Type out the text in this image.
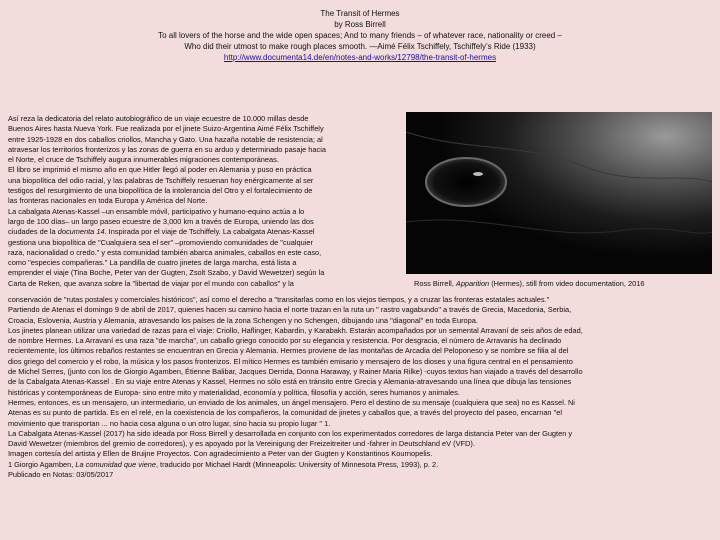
The Transit of Hermes
by Ross Birrell
To all lovers of the horse and the wide open spaces; And to many friends – of whatever race, nationality or creed –
Who did their utmost to make rough places smooth. —Aimé Félix Tschiffely, Tschiffely’s Ride (1933)
http://www.documenta14.de/en/notes-and-works/12798/the-transit-of-hermes
Así reza la dedicatoria del relato autobiográfico de un viaje ecuestre de 10.000 millas desde
Buenos Aires hasta Nueva York. Fue realizada por el jinete Suizo-Argentina Aimé Félix Tschiffely
entre 1925-1928 en dos caballos criollos, Mancha y Gato. Una hazaña notable de resistencia; al
atravesar los territorios fronterizos y las zonas de guerra en su arduo y determinado pasaje hacia
el Norte, el cruce de Tschiffely augura innumerables migraciones contemporáneas.
El libro se imprimió el mismo año en que Hitler llegó al poder en Alemania y puso en práctica
una biopolítica del odio racial, y las palabras de Tschiffely resuenan hoy enérgicamente al ser
testigos del resurgimiento de una biopolítica de la intolerancia del Otro y el fortalecimiento de
las fronteras nacionales en toda Europa y América del Norte.
La cabalgata Atenas-Kassel –un ensamble móvil, participativo y humano-equino actúa a lo
largo de 100 días– un largo paseo ecuestre de 3,000 km a través de Europa, uniendo las dos
ciudades de la documenta 14. Inspirada por el viaje de Tschiffely. La cabalgata Atenas-Kassel
gestiona una biopolítica de "Cualquiera sea el ser" –promoviendo comunidades de "cualquier
raza, nacionalidad o credo." y esta comunidad también abarca animales, caballos en este caso,
como "especies compañeras." La pandilla de cuatro jinetes de larga marcha, está lista a
emprender el viaje (Tina Boche, Peter van der Gugten, Zsolt Szabo, y David Wewetzer) según la
Carta de Reken, que avanza sobre la "libertad de viajar por el mundo con caballos" y la	Ross Birrell, Apparition (Hermes), still from video documentation, 2016
conservación de "rutas postales y comerciales históricos", así como el derecho a "transitarlas como en los viejos tiempos, y a cruzar las fronteras estatales actuales."
Partiendo de Atenas el domingo 9 de abril de 2017, quienes hacen su camino hacia el norte trazan en la ruta un " rastro vagabundo" a través de Grecia, Macedonia, Serbia,
Croacia, Eslovenia, Austria y Alemania, atravesando los países de la zona Schengen y no Schengen, dibujando una "diagonal" en toda Europa.
Los jinetes planean utilizar una variedad de razas para el viaje: Criollo, Haflinger, Kabardin, y Karabakh. Estarán acompañados por un semental Arravaní de seis años de edad,
de nombre Hermes. La Arravaní es una raza "de marcha", un caballo griego conocido por su elegancia y resistencia. Por desgracia, el número de Arravanis ha declinado
recientemente, los últimos rebaños restantes se encuentran en Grecia y Alemania. Hermes proviene de las montañas de Arcadia del Peloponeso y se nombre se filia al del
dios griego del comercio y el robo, la música y los pasos fronterizos. El mítico Hermes es también emisario y mensajero de los dioses y una figura central en el pensamiento
de Michel Serres, (junto con los de Giorgio Agamben, Étienne Balibar, Jacques Derrida, Donna Haraway, y Rainer Maria Rilke) -cuyos textos han viajado a través del desarrollo
de la Cabalgata Atenas-Kassel . En su viaje entre Atenas y Kassel, Hermes no sólo está en tránsito entre Grecia y Alemania-atravesando una línea que dibuja las tensiones
históricas y contemporáneas de Europa- sino entre mito y materialidad, economía y política, filosofía y acción, seres humanos y animales.
Hermes, entonces, es un mensajero, un intermediario, un enviado de los animales, un ángel mensajero. Pero el destino de su mensaje (cualquiera que sea) no es Kassel. Ni
Atenas es su punto de partida. Es en el relé, en la coexistencia de los compañeros, la comunidad de jinetes y caballos que, a través del proyecto del paseo, encarnan "el
movimiento que transportan ... no hacia cosa alguna o un otro lugar, sino hacia su propio lugar " 1.
La Cabalgata Atenas-Kassel (2017) ha sido ideada por Ross Birrell y desarrollada en conjunto con los experimentados corredores de larga distancia Peter van der Gugten y
David Wewetzer (miembros del gremio de corredores), y es apoyado por la Vereinigung der Freizeitreiter und -fahrer in Deutschland eV (VFD).
Imagen cortesía del artista y Ellen de Bruijne Proyectos. Con agradecimiento a Peter van der Gugten y Konstantinos Kournopelis.
1 Giorgio Agamben, La comunidad que viene, traducido por Michael Hardt (Minneapolis: University of Minnesota Press, 1993), p. 2.
Publicado en Notas: 03/05/2017
